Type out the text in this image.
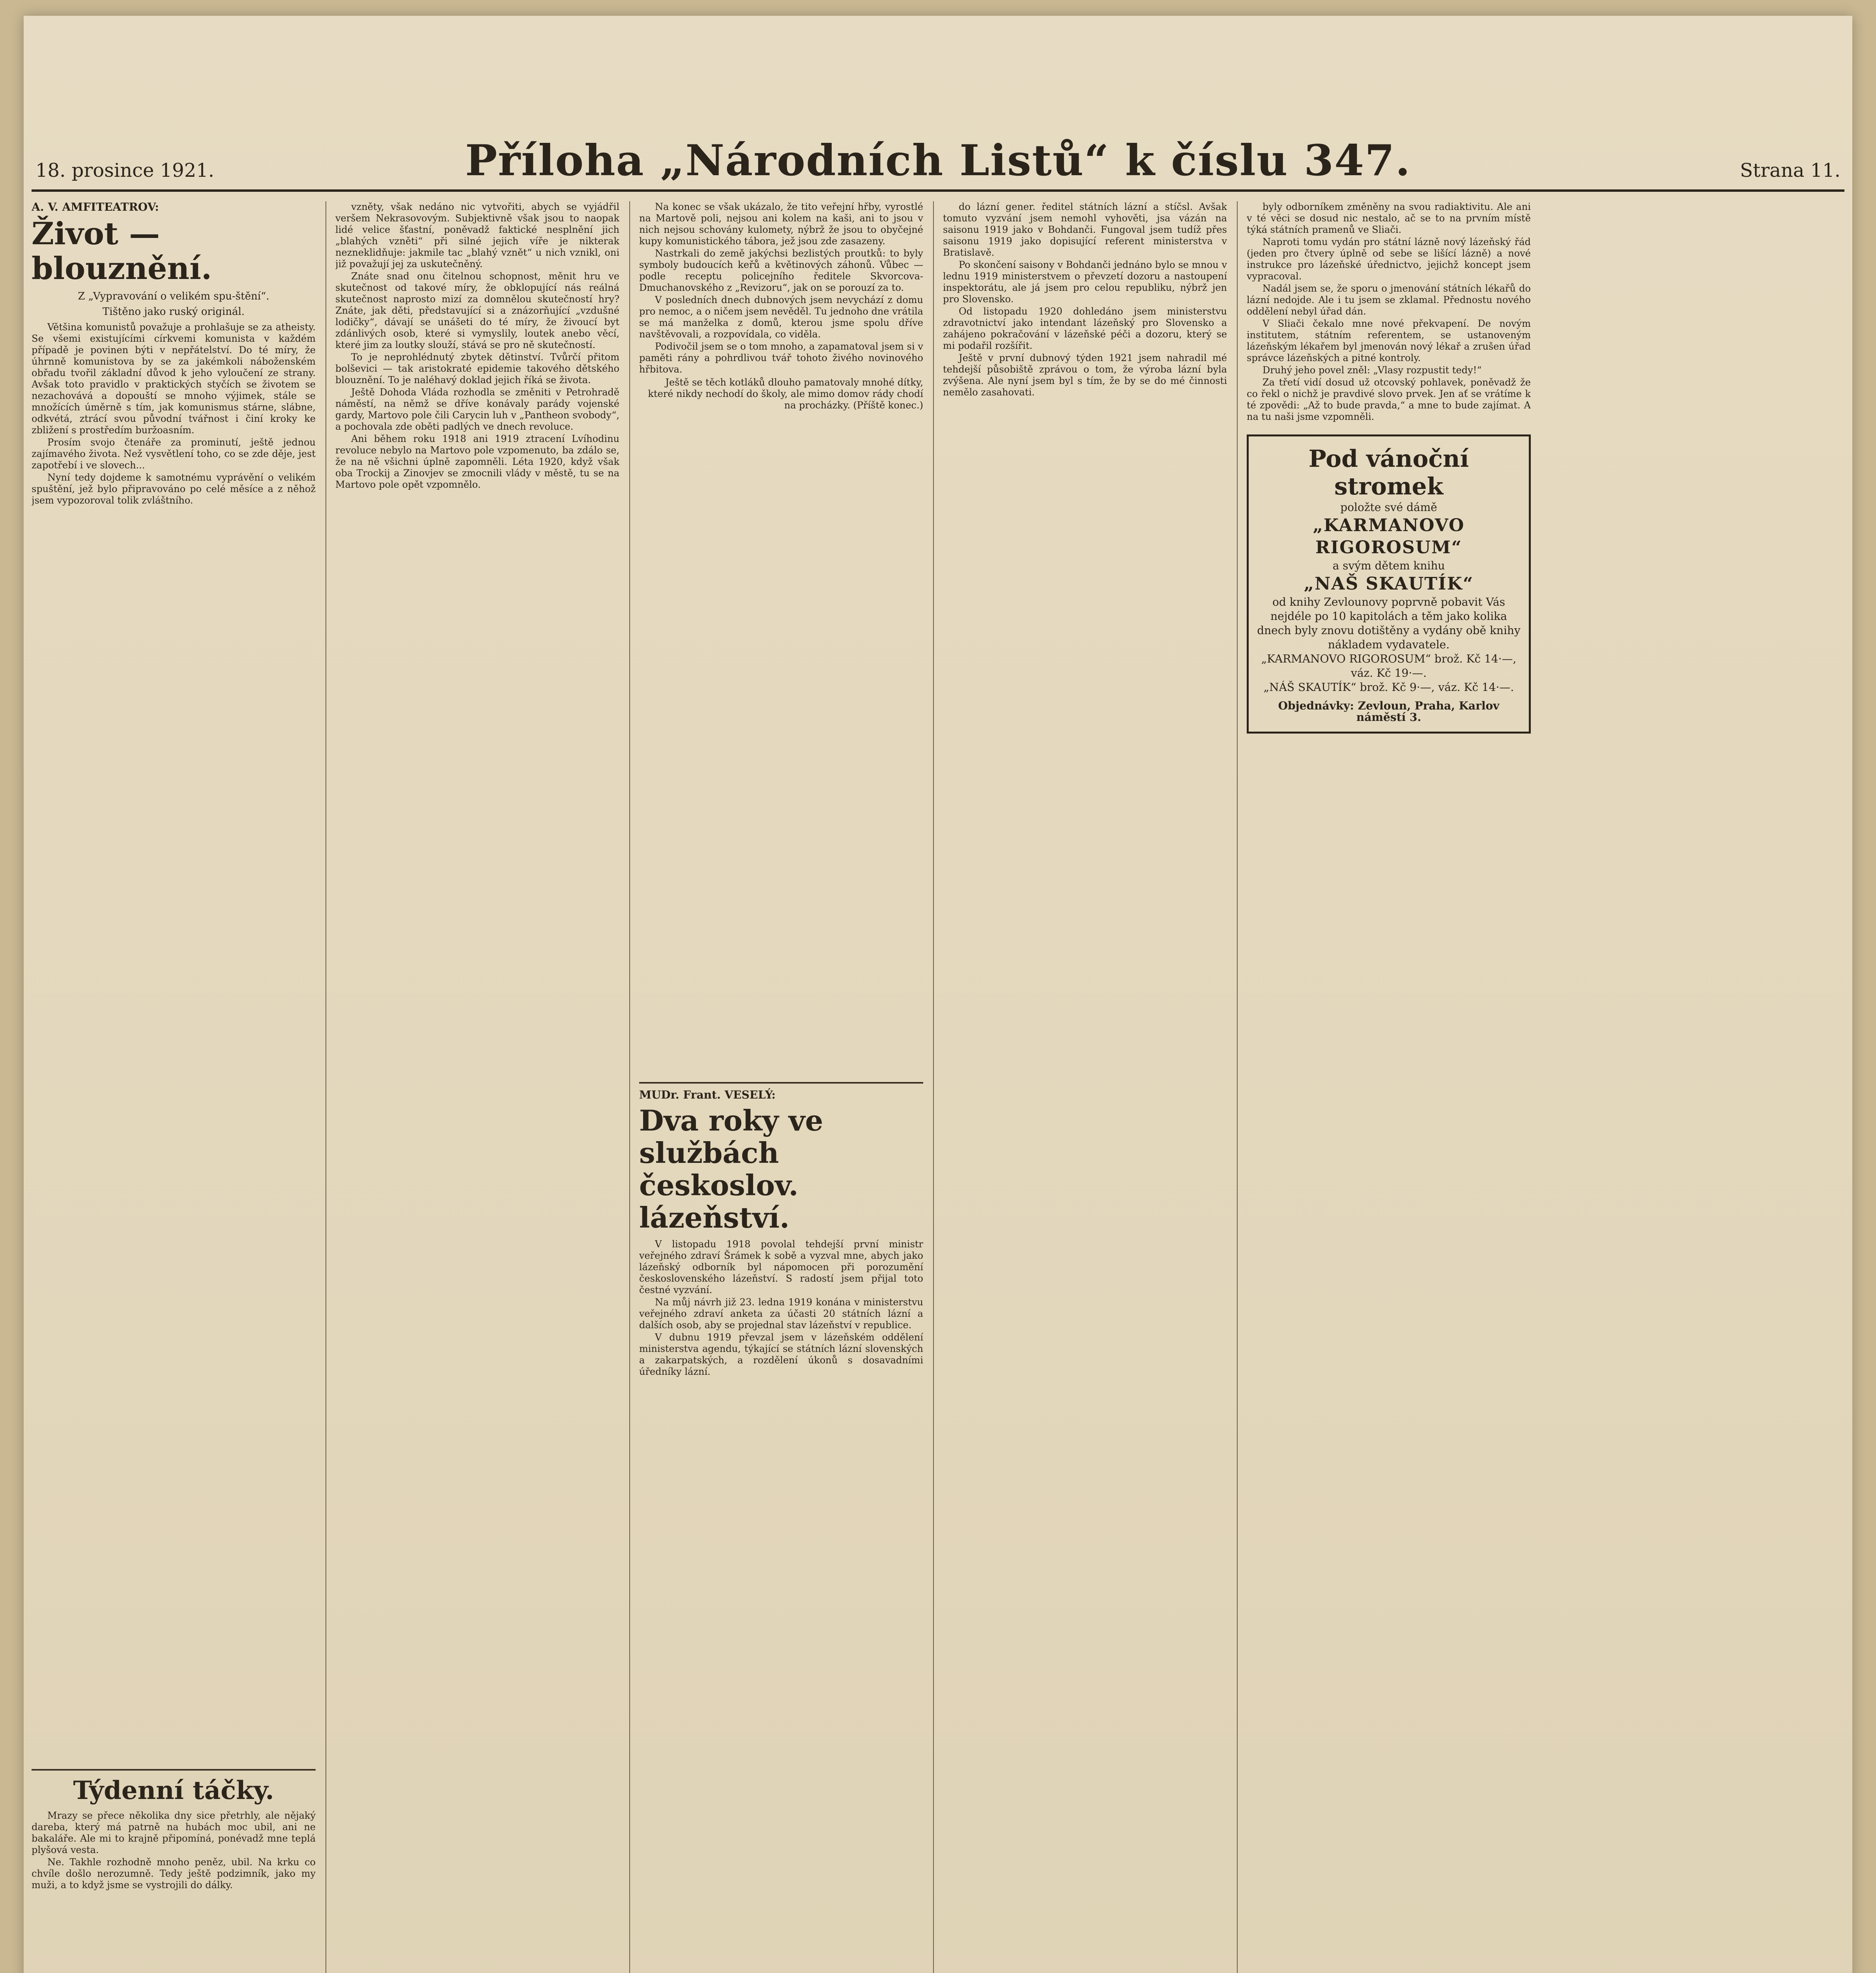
18. prosince 1921.	Příloha „Národních Listů“ k číslu 347.	Strana 11.
A. V. AMFITEATROV:
Život — blouznění.
Z „Vypravování o velikém spu-štění“.

Tištěno jako ruský originál.

Většina komunistů považuje a prohlašuje se za atheisty. Se všemi existujícími církvemi komunista v každém případě je povinen býti v nepřátelství. Do té míry, že úhrnně komunistova by se za jakémkoli náboženském obřadu tvořil základní důvod k jeho vyloučení ze strany. Avšak toto pravidlo v praktických styčích se životem se nezachovává a dopouští se mnoho výjimek, stále se množících úměrně s tím, jak komunismus stárne, slábne, odkvétá, ztrácí svou původní tvářnost i činí kroky ke zbližení s prostředím buržoasním.

Prosím svojo čtenáře za prominutí, ještě jednou zajímavého života. Než vysvětlení toho, co se zde děje, jest zapotřebí i ve slovech...

Nyní tedy dojdeme k samotnému vyprávění o velikém spuštění, jež bylo připravováno po celé měsíce a z něhož jsem vypozoroval tolik zvláštního.

Týdenní táčky.

Mrazy se přece několika dny sice přetrhly, ale nějaký dareba, který má patrně na hubách moc ubil, ani ne bakaláře. Ale mi to krajně připomíná, ponévadž mne teplá plyšová vesta.

Ne. Takhle rozhodně mnoho peněz, ubil. Na krku co chvíle došlo nerozumně. Tedy ještě podzimník, jako my muži, a to když jsme se vystrojili do dálky.

vzněty, však nedáno nic vytvořiti, abych se vyjádřil veršem Nekrasovovým. Subjektivně však jsou to naopak lidé velice šťastní, poněvadž faktické nesplnění jich „blahých vzněti“ při silné jejich víře je nikterak nezneklidňuje: jakmile tac „blahý vznět“ u nich vznikl, oni již považují jej za uskutečněný.

Znáte snad onu čitelnou schopnost, měnit hru ve skutečnost od takové míry, že obklopující nás reálná skutečnost naprosto mizí za domnělou skutečností hry? Znáte, jak děti, představující si a znázorňující „vzdušné lodičky“, dávají se unášeti do té míry, že živoucí byt zdánlivých osob, které si vymyslily, loutek anebo věcí, které jim za loutky slouží, stává se pro ně skutečností.

To je neprohlédnutý zbytek dětinství. Tvůrčí přitom bolševici — tak aristokraté epidemie takového dětského blouznění. To je naléhavý doklad jejich říká se života.

Ještě Dohoda Vláda rozhodla se změniti v Petrohradě náměstí, na němž se dříve konávaly parády vojenské gardy, Martovo pole čili Carycin luh v „Pantheon svobody“, a pochovala zde oběti padlých ve dnech revoluce.

Ani během roku 1918 ani 1919 ztracení Lvíhodinu revoluce nebylo na Martovo pole vzpomenuto, ba zdálo se, že na ně všichni úplně zapomněli. Léta 1920, když však oba Trockij a Zinovjev se zmocnili vlády v městě, tu se na Martovo pole opět vzpomnělo.

Na konec se však ukázalo, že tito veřejní hřby, vyrostlé na Martově poli, nejsou ani kolem na kaši, ani to jsou v nich nejsou schovány kulomety, nýbrž že jsou to obyčejné kupy komunistického tábora, jež jsou zde zasazeny.

Nastrkali do země jakýchsi bezlistých proutků: to byly symboly budoucích keřů a květinových záhonů. Vůbec — podle receptu policejního ředitele Skvorcova-Dmuchanovského z „Revizoru“, jak on se porouzí za to.

V posledních dnech dubnových jsem nevychází z domu pro nemoc, a o ničem jsem nevěděl. Tu jednoho dne vrátila se má manželka z domů, kterou jsme spolu dříve navštěvovali, a rozpovídala, co viděla.

Podivočil jsem se o tom mnoho, a zapamatoval jsem si v paměti rány a pohrdlivou tvář tohoto živého novinového hřbitova.

Ještě se těch kotláků dlouho pamatovaly mnohé dítky, které nikdy nechodí do školy, ale mimo domov rády chodí na procházky. (Příště konec.)

MUDr. Frant. VESELÝ:
Dva roky ve službách českoslov. lázeňství.

V listopadu 1918 povolal tehdejší první ministr veřejného zdraví Šrámek k sobě a vyzval mne, abych jako lázeňský odborník byl nápomocen při porozumění československého lázeňství. S radostí jsem přijal toto čestné vyzvání.

Na můj návrh již 23. ledna 1919 konána v ministerstvu veřejného zdraví anketa za účasti 20 státních lázní a dalších osob, aby se projednal stav lázeňství v republice.

V dubnu 1919 převzal jsem v lázeňském oddělení ministerstva agendu, týkající se státních lázní slovenských a zakarpatských, a rozdělení úkonů s dosavadními úředníky lázní.

do lázní gener. ředitel státních lázní a stíčsl. Avšak tomuto vyzvání jsem nemohl vyhověti, jsa vázán na saisonu 1919 jako v Bohdanči. Fungoval jsem tudíž přes saisonu 1919 jako dopisující referent ministerstva v Bratislavě.

Po skončení saisony v Bohdanči jednáno bylo se mnou v lednu 1919 ministerstvem o převzetí dozoru a nastoupení inspektorátu, ale já jsem pro celou republiku, nýbrž jen pro Slovensko.

Od listopadu 1920 dohledáno jsem ministerstvu zdravotnictví jako intendant lázeňský pro Slovensko a zahájeno pokračování v lázeňské péči a dozoru, který se mi podařil rozšířit.

Ještě v první dubnový týden 1921 jsem nahradil mé tehdejší působiště zprávou o tom, že výroba lázní byla zvýšena. Ale nyní jsem byl s tím, že by se do mé činnosti nemělo zasahovati.

byly odborníkem změněny na svou radiaktivitu. Ale ani v té věci se dosud nic nestalo, ač se to na prvním místě týká státních pramenů ve Sliači.

Naproti tomu vydán pro státní lázně nový lázeňský řád (jeden pro čtvery úplně od sebe se lišící lázně) a nové instrukce pro lázeňské úřednictvo, jejichž koncept jsem vypracoval.

Nadál jsem se, že sporu o jmenování státních lékařů do lázní nedojde. Ale i tu jsem se zklamal. Přednostu nového oddělení nebyl úřad dán.

V Sliači čekalo mne nové překvapení. De novým institutem, státním referentem, se ustanoveným lázeňským lékařem byl jmenován nový lékař a zrušen úřad správce lázeňských a pitné kontroly.

Druhý jeho povel zněl: „Vlasy rozpustit tedy!“

Za třetí vidí dosud už otcovský pohlavek, poněvadž že co řekl o nichž je pravdivé slovo prvek. Jen ať se vrátíme k té zpovědi: „Až to bude pravda,“ a mne to bude zajímat. A na tu naši jsme vzpomněli.

Pod vánoční stromek
položte své dámě
„KARMANOVO RIGOROSUM“
a svým dětem knihu
„NAŠ SKAUTÍK“
od knihy Zevlounovy poprvně pobavit Vás nejdéle po 10 kapitolách a těm jako kolika dnech byly znovu dotištěny a vydány obě knihy nákladem vydavatele.
„KARMANOVO RIGOROSUM“ brož. Kč 14·—, váz. Kč 19·—.
„NÁŠ SKAUTÍK“ brož. Kč 9·—, váz. Kč 14·—.
Objednávky: Zevloun, Praha, Karlov náměstí 3.
